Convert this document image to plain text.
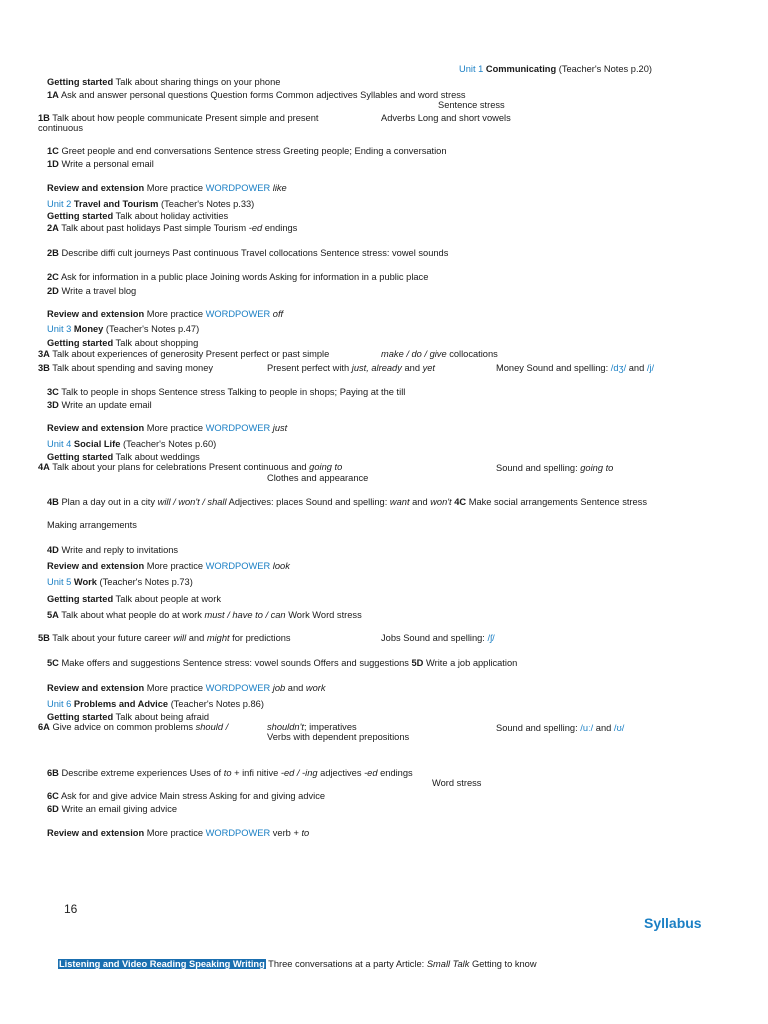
Unit 1 Communicating (Teacher's Notes p.20)
Getting started Talk about sharing things on your phone
1A Ask and answer personal questions Question forms Common adjectives Syllables and word stress
Sentence stress
1B Talk about how people communicate Present simple and present	Adverbs Long and short vowels
continuous
1C Greet people and end conversations Sentence stress Greeting people; Ending a conversation
1D Write a personal email
Review and extension More practice WORDPOWER like
Unit 2 Travel and Tourism (Teacher's Notes p.33)
Getting started Talk about holiday activities
2A Talk about past holidays Past simple Tourism -ed endings
2B Describe diffi cult journeys Past continuous Travel collocations Sentence stress: vowel sounds
2C Ask for information in a public place Joining words Asking for information in a public place
2D Write a travel blog
Review and extension More practice WORDPOWER off
Unit 3 Money (Teacher's Notes p.47)
Getting started Talk about shopping
3A Talk about experiences of generosity Present perfect or past simple	make / do / give collocations
3B Talk about spending and saving money	Present perfect with just, already and yet	Money Sound and spelling: /dʒ/ and /j/
3C Talk to people in shops Sentence stress Talking to people in shops; Paying at the till
3D Write an update email
Review and extension More practice WORDPOWER just
Unit 4 Social Life (Teacher's Notes p.60)
Getting started Talk about weddings
4A Talk about your plans for celebrations Present continuous and going to	Sound and spelling: going to
Clothes and appearance
4B Plan a day out in a city will / won't / shall Adjectives: places Sound and spelling: want and won't 4C Make social arrangements Sentence stress
Making arrangements
4D Write and reply to invitations
Review and extension More practice WORDPOWER look
Unit 5 Work (Teacher's Notes p.73)
Getting started Talk about people at work
5A Talk about what people do at work must / have to / can Work Word stress
5B Talk about your future career will and might for predictions	Jobs Sound and spelling: /ʃ/
5C Make offers and suggestions Sentence stress: vowel sounds Offers and suggestions 5D Write a job application
Review and extension More practice WORDPOWER job and work
Unit 6 Problems and Advice (Teacher's Notes p.86)
Getting started Talk about being afraid
6A Give advice on common problems should /	shouldn't; imperatives	Sound and spelling: /uː/ and /ʊ/
Verbs with dependent prepositions
6B Describe extreme experiences Uses of to + infi nitive -ed / -ing adjectives -ed endings
Word stress
6C Ask for and give advice Main stress Asking for and giving advice
6D Write an email giving advice
Review and extension More practice WORDPOWER verb + to
16
Syllabus
Listening and Video Reading Speaking Writing Three conversations at a party Article: Small Talk Getting to know
